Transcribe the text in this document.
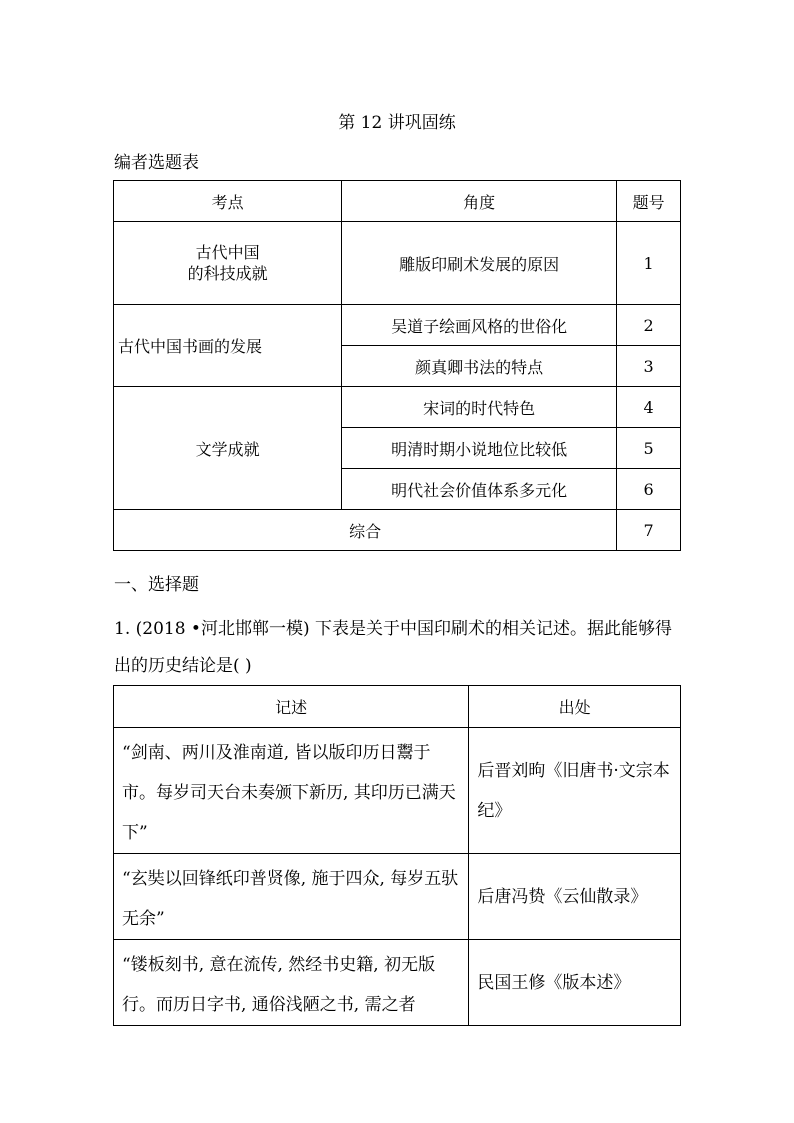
第 12 讲巩固练
编者选题表
考点	角度	题号

古代中国
的科技成就	雕版印刷术发展的原因	1
古代中国书画的发展	吴道子绘画风格的世俗化	2
	颜真卿书法的特点	3
文学成就	宋词的时代特色	4
	明清时期小说地位比较低	5
	明代社会价值体系多元化	6
综合		7
一、选择题
1. (2018 •河北邯郸一模) 下表是关于中国印刷术的相关记述。据此能够得出的历史结论是( )
记述	出处
“剑南、两川及淮南道, 皆以版印历日鬻于市。每岁司天台未奏颁下新历, 其印历已满天下”	后晋刘昫《旧唐书·文宗本纪》
“玄奘以回锋纸印普贤像, 施于四众, 每岁五驮无余”	后唐冯贽《云仙散录》
“镂板刻书, 意在流传, 然经书史籍, 初无版行。而历日字书, 通俗浅陋之书, 需之者	民国王修《版本述》
